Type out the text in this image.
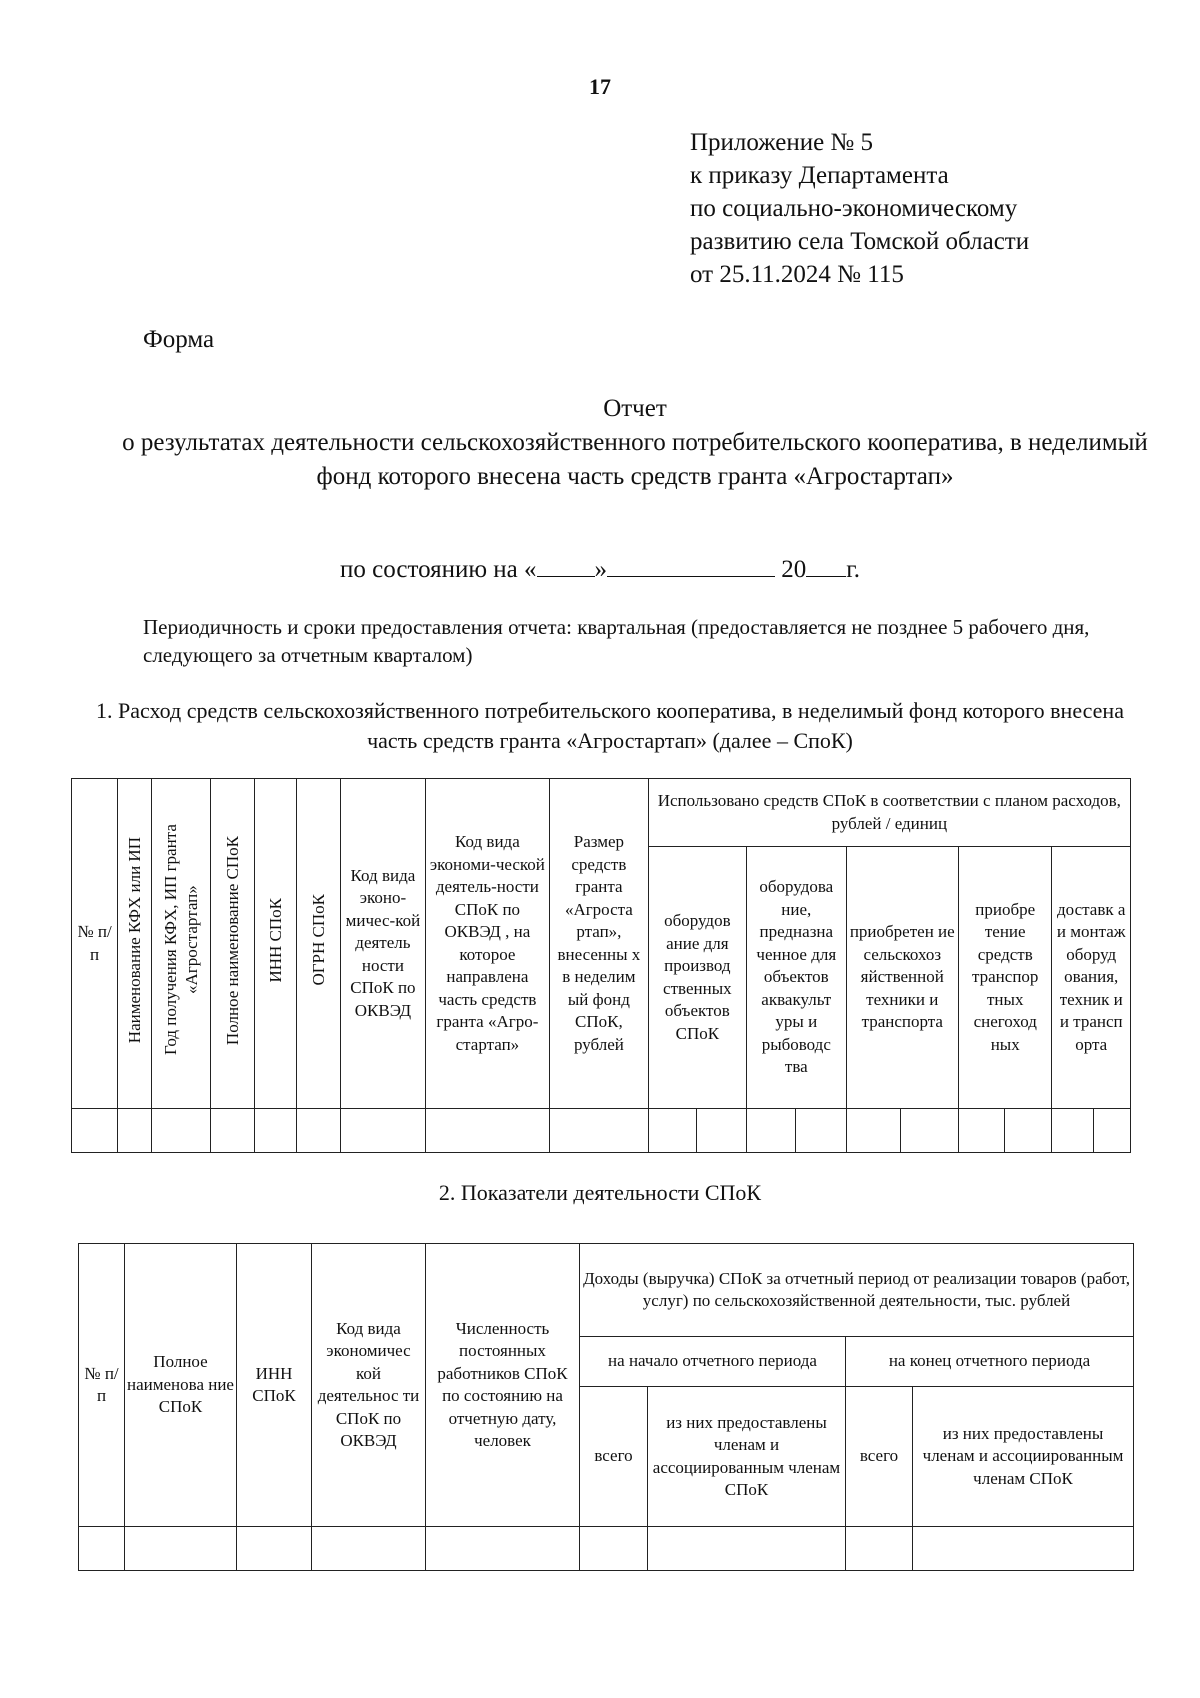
17
Приложение № 5
к приказу Департамента
по социально-экономическому
развитию села Томской области
от 25.11.2024 № 115
Форма
Отчет
о результатах деятельности сельскохозяйственного потребительского кооператива, в неделимый фонд которого внесена часть средств гранта «Агростартап»
по состоянию на « »	20 г.
Периодичность и сроки предоставления отчета: квартальная (предоставляется не позднее 5 рабочего дня, следующего за отчетным кварталом)
1. Расход средств сельскохозяйственного потребительского кооператива, в неделимый фонд которого внесена часть средств гранта «Агростартап» (далее – СпоК)
№ п/п	Наименование КФХ или ИП	Год получения КФХ, ИП гранта «Агростартап»	Полное наименование СПоК	ИНН СПоК	ОГРН СПоК	Код вида эконо-мичес-кой деятель ности СПоК по ОКВЭД	Код вида экономи-ческой деятель-ности СПоК по ОКВЭД , на которое направлена часть средств гранта «Агро-стартап»	Размер средств гранта «Агроста ртап», внесенны х в неделим ый фонд СПоК, рублей	Использовано средств СПоК в соответствии с планом расходов, рублей / единиц									
									оборудов ание для производ ственных объектов СПоК		оборудова ние, предназна ченное для объектов аквакульт уры и рыбоводс тва		приобретен ие сельскохоз яйственной техники и транспорта		приобре тение средств транспор тных снегоход ных		доставк а и монтаж оборуд ования, техник и и трансп орта	

2. Показатели деятельности СПоК
№ п/п	Полное наименова ние СПоК	ИНН СПоК	Код вида экономичес кой деятельнос ти СПоК по ОКВЭД	Численность постоянных работников СПоК по состоянию на отчетную дату, человек	Доходы (выручка) СПоК за отчетный период от реализации товаров (работ, услуг) по сельскохозяйственной деятельности, тыс. рублей			
					на начало отчетного периода		на конец отчетного периода	
					всего	из них предоставлены членам и ассоциированным членам СПоК	всего	из них предоставлены членам и ассоциированным членам СПоК
